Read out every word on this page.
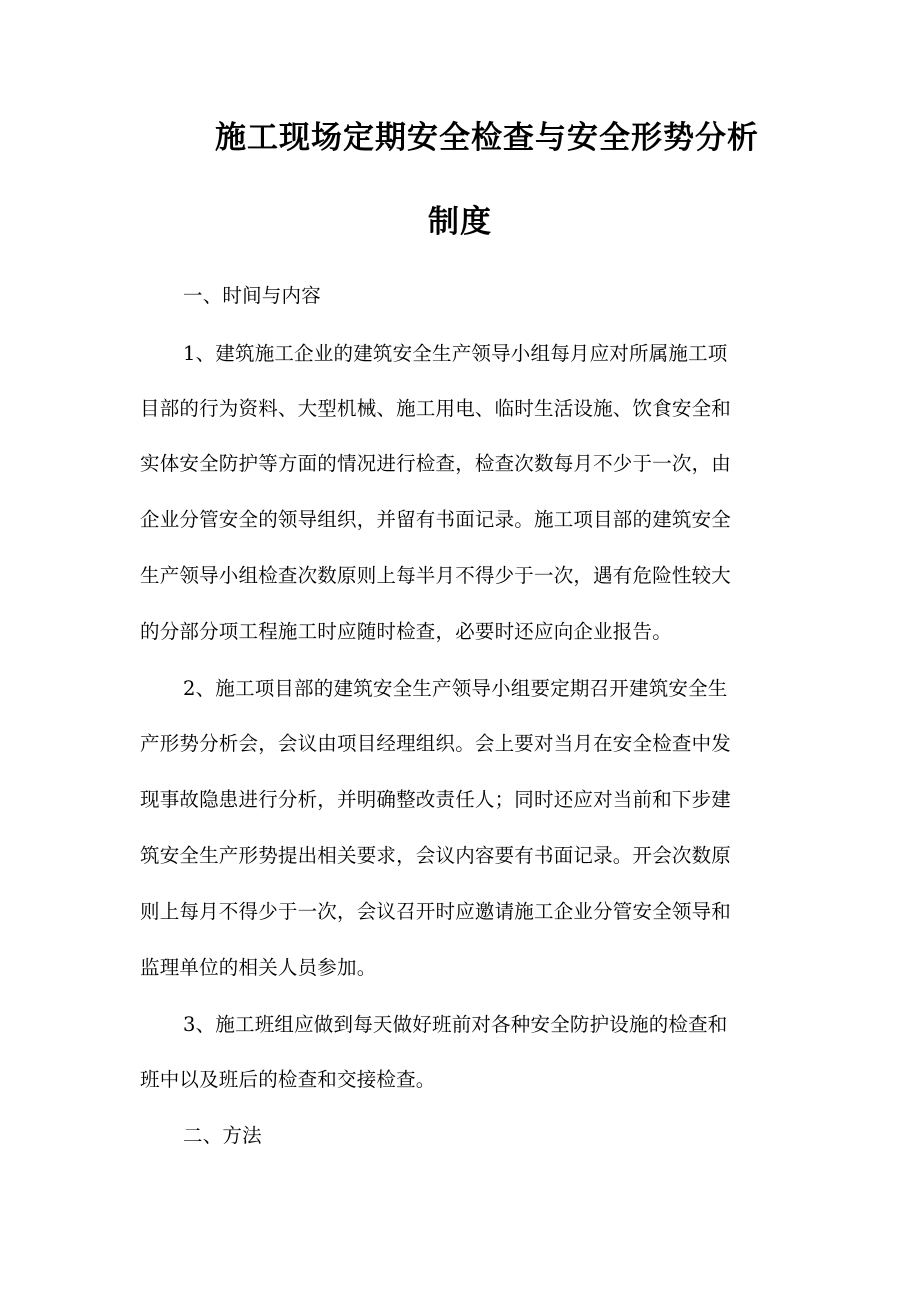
施工现场定期安全检查与安全形势分析
制度
一、时间与内容
1、建筑施工企业的建筑安全生产领导小组每月应对所属施工项
目部的行为资料、大型机械、施工用电、临时生活设施、饮食安全和
实体安全防护等方面的情况进行检查，检查次数每月不少于一次，由
企业分管安全的领导组织，并留有书面记录。施工项目部的建筑安全
生产领导小组检查次数原则上每半月不得少于一次，遇有危险性较大
的分部分项工程施工时应随时检查，必要时还应向企业报告。
2、施工项目部的建筑安全生产领导小组要定期召开建筑安全生
产形势分析会，会议由项目经理组织。会上要对当月在安全检查中发
现事故隐患进行分析，并明确整改责任人；同时还应对当前和下步建
筑安全生产形势提出相关要求，会议内容要有书面记录。开会次数原
则上每月不得少于一次，会议召开时应邀请施工企业分管安全领导和
监理单位的相关人员参加。
3、施工班组应做到每天做好班前对各种安全防护设施的检查和
班中以及班后的检查和交接检查。
二、方法
